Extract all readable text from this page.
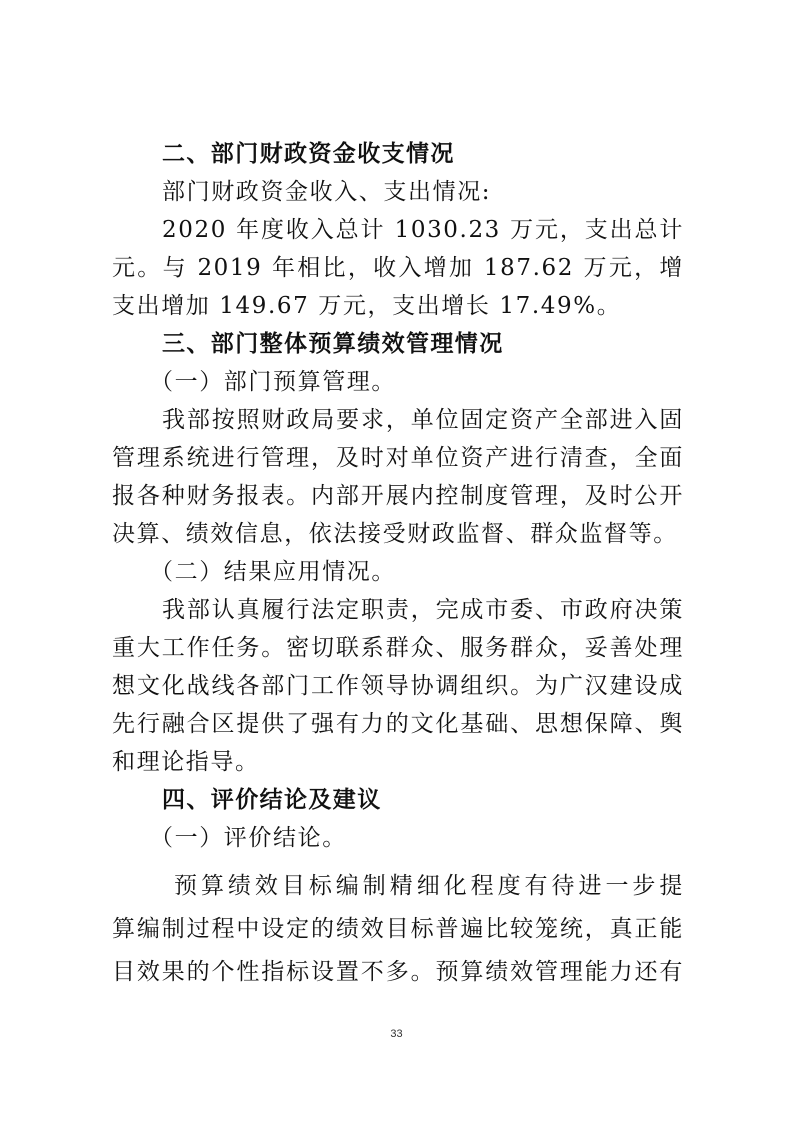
二、部门财政资金收支情况
部门财政资金收入、支出情况:
2020 年度收入总计 1030.23 万元，支出总计
元。与 2019 年相比，收入增加 187.62 万元，增
支出增加 149.67 万元，支出增长 17.49%。
三、部门整体预算绩效管理情况
（一）部门预算管理。
我部按照财政局要求，单位固定资产全部进入固
管理系统进行管理，及时对单位资产进行清查，全面
报各种财务报表。内部开展内控制度管理，及时公开
决算、绩效信息，依法接受财政监督、群众监督等。
（二）结果应用情况。
我部认真履行法定职责，完成市委、市政府决策
重大工作任务。密切联系群众、服务群众，妥善处理
想文化战线各部门工作领导协调组织。为广汉建设成
先行融合区提供了强有力的文化基础、思想保障、舆
和理论指导。
四、评价结论及建议
（一）评价结论。
预算绩效目标编制精细化程度有待进一步提
算编制过程中设定的绩效目标普遍比较笼统，真正能
目效果的个性指标设置不多。预算绩效管理能力还有
33
